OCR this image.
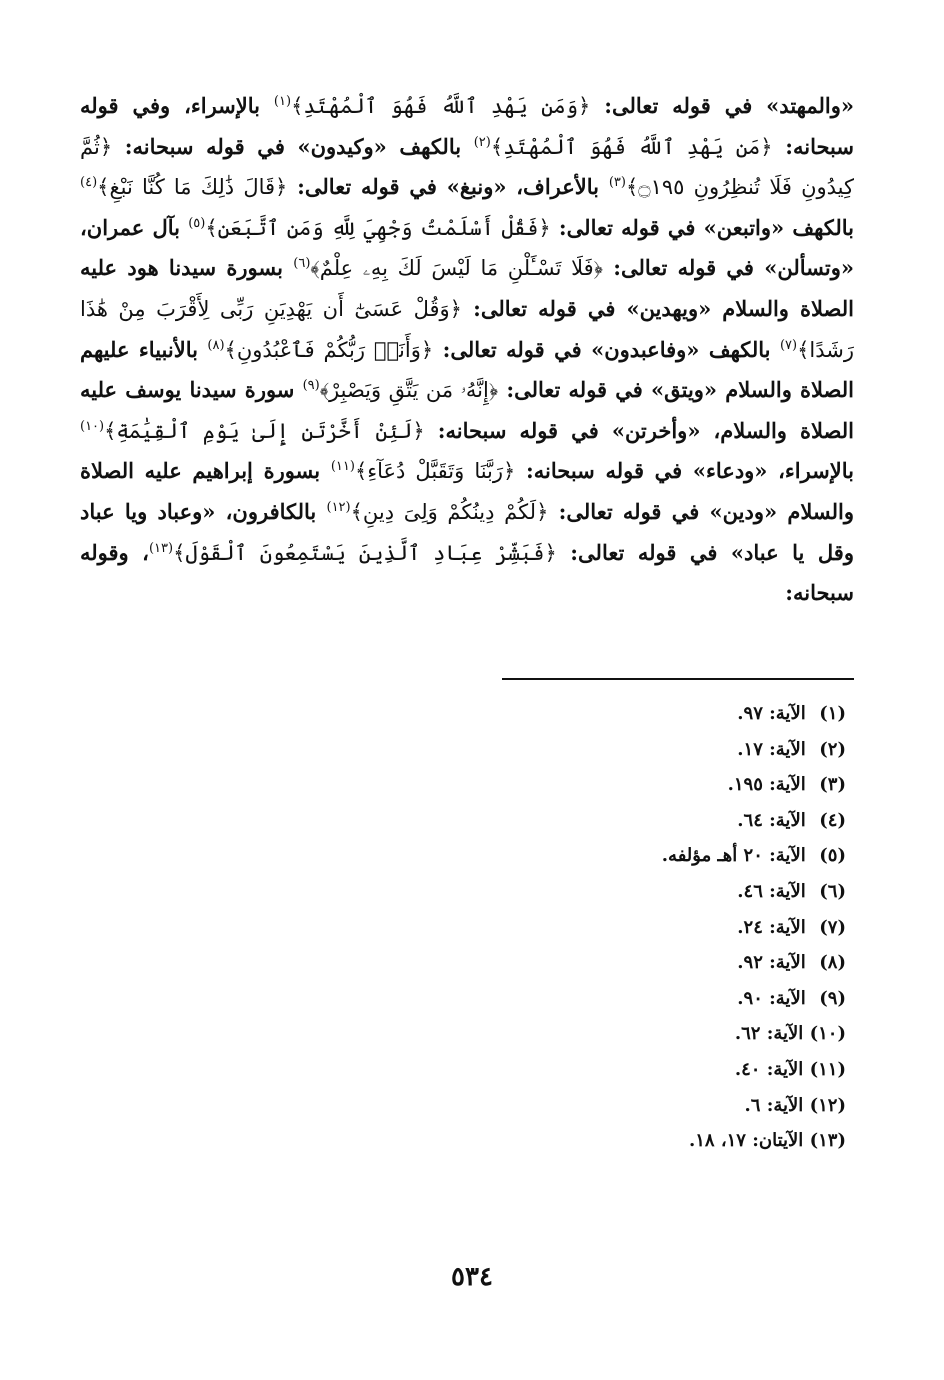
«والمهتد» في قوله تعالى: ﴿وَمَن يَهْدِ ٱللَّهُ فَهُوَ ٱلْمُهْتَدِ﴾$^{(١)}$ بالإسراء، وفي قوله سبحانه: ﴿مَن يَهْدِ ٱللَّهُ فَهُوَ ٱلْمُهْتَدِ﴾$^{(٢)}$ بالكهف «وكيدون» في قوله سبحانه: ﴿ثُمَّ كِيدُونِ فَلَا تُنظِرُونِ ۝١٩٥﴾$^{(٣)}$ بالأعراف، «ونبغ» في قوله تعالى: ﴿قَالَ ذَٰلِكَ مَا كُنَّا نَبْغِ﴾$^{(٤)}$ بالكهف «واتبعن» في قوله تعالى: ﴿فَقُلْ أَسْلَمْتُ وَجْهِيَ لِلَّهِ وَمَنِ ٱتَّبَعَنِ﴾$^{(٥)}$ بآل عمران، «وتسألن» في قوله تعالى: ﴿فَلَا تَسْـَٔلْنِ مَا لَيْسَ لَكَ بِهِۦ عِلْمٌ﴾$^{(٦)}$ بسورة سيدنا هود عليه الصلاة والسلام «ويهدين» في قوله تعالى: ﴿وَقُلْ عَسَىٰٓ أَن يَهْدِيَنِ رَبِّى لِأَقْرَبَ مِنْ هَٰذَا رَشَدًا﴾$^{(٧)}$ بالكهف «وفاعبدون» في قوله تعالى: ﴿وَأَنَا۠ رَبُّكُمْ فَٱعْبُدُونِ﴾$^{(٨)}$ بالأنبياء عليهم الصلاة والسلام «ويتق» في قوله تعالى: ﴿إِنَّهُۥ مَن يَتَّقِ وَيَصْبِرْ﴾$^{(٩)}$ سورة سيدنا يوسف عليه الصلاة والسلام، «وأخرتن» في قوله سبحانه: ﴿لَئِنْ أَخَّرْتَنِ إِلَىٰ يَوْمِ ٱلْقِيَٰمَةِ﴾$^{(١٠)}$ بالإسراء، «ودعاء» في قوله سبحانه: ﴿رَبَّنَا وَتَقَبَّلْ دُعَآءِ﴾$^{(١١)}$ بسورة إبراهيم عليه الصلاة والسلام «ودين» في قوله تعالى: ﴿لَكُمْ دِينُكُمْ وَلِىَ دِينِ﴾$^{(١٢)}$ بالكافرون، «وعباد ويا عباد وقل يا عباد» في قوله تعالى: ﴿فَبَشِّرْ عِبَادِ ٱلَّذِينَ يَسْتَمِعُونَ ٱلْقَوْلَ﴾$^{(١٣)}$، وقوله سبحانه:

(١) الآية: ٩٧.
(٢) الآية: ١٧.
(٣) الآية: ١٩٥.
(٤) الآية: ٦٤.
(٥) الآية: ٢٠ أهـ مؤلفه.
(٦) الآية: ٤٦.
(٧) الآية: ٢٤.
(٨) الآية: ٩٢.
(٩) الآية: ٩٠.
(١٠) الآية: ٦٢.
(١١) الآية: ٤٠.
(١٢) الآية: ٦.
(١٣) الآيتان: ١٧، ١٨.
٥٣٤
